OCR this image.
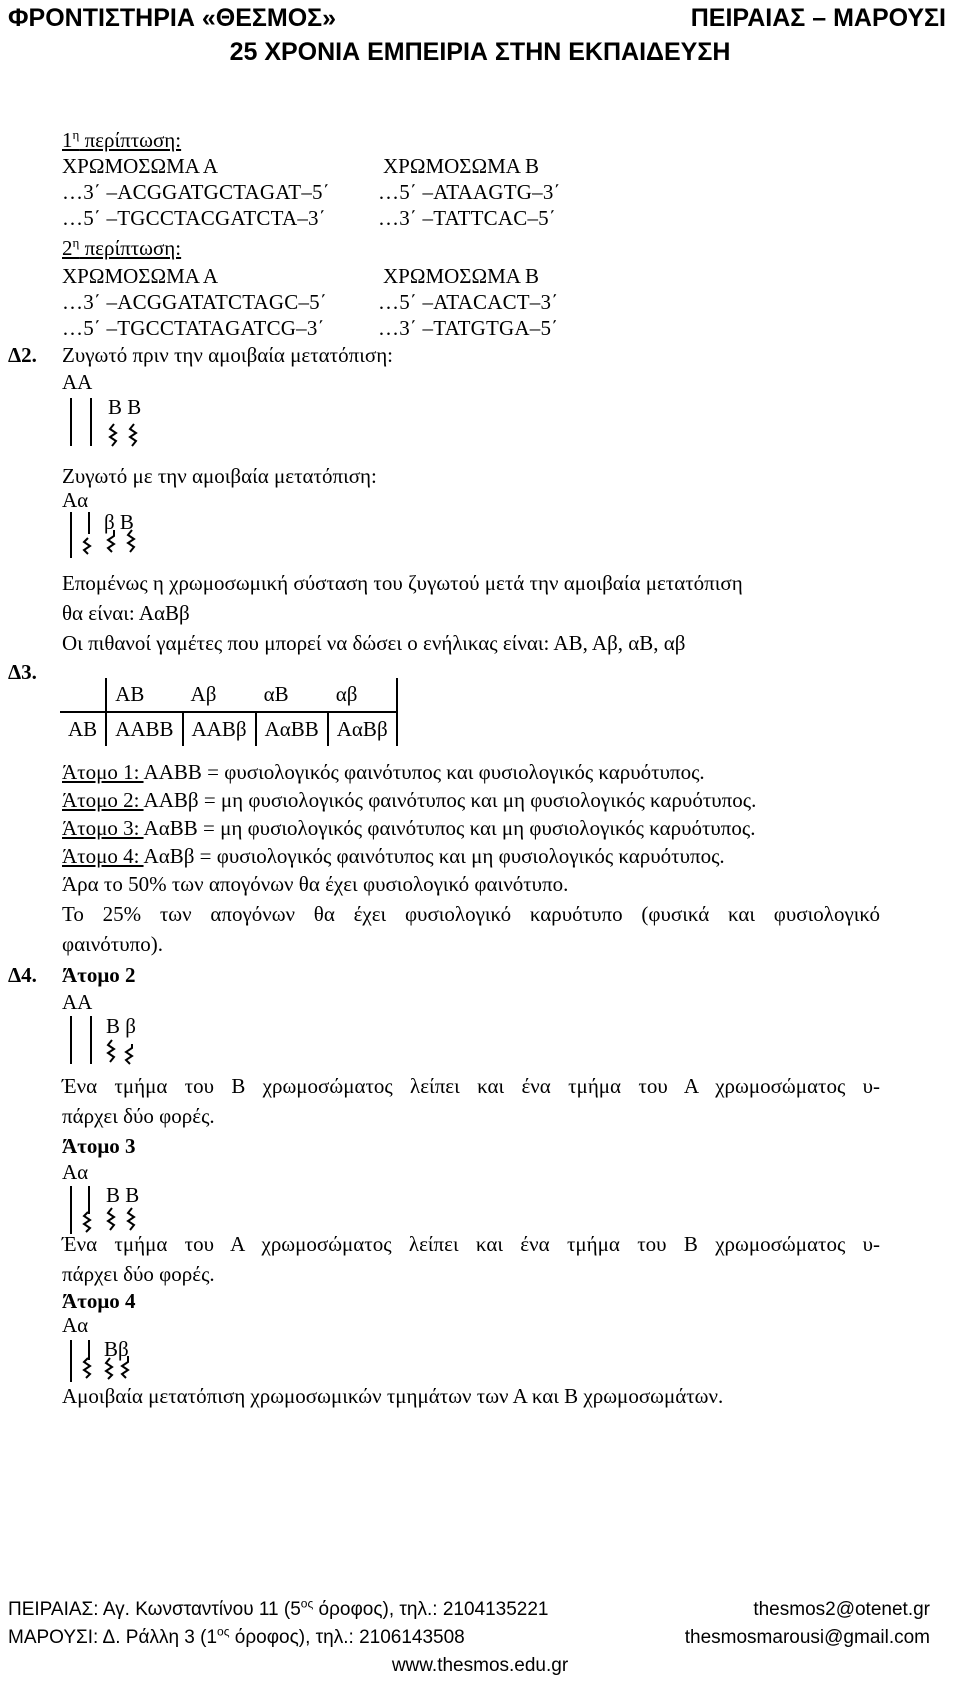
ΦΡΟΝΤΙΣΤΗΡΙΑ «ΘΕΣΜΟΣ»	ΠΕΙΡΑΙΑΣ – ΜΑΡΟΥΣΙ
25 ΧΡΟΝΙΑ ΕΜΠΕΙΡΙΑ ΣΤΗΝ ΕΚΠΑΙΔΕΥΣΗ
$1^\eta$ περίπτωση:
ΧΡΩΜΟΣΩΜΑ Α	ΧΡΩΜΟΣΩΜΑ Β
…3΄ –ACGGATGCTAGAT–5΄ …5΄ –ATAAGTG–3΄
…5΄ –TGCCTACGATCTA–3΄ …3΄ –TATTCAC–5΄
$2^\eta$ περίπτωση:
ΧΡΩΜΟΣΩΜΑ Α	ΧΡΩΜΟΣΩΜΑ Β
…3΄ –ACGGATATCTAGC–5΄ …5΄ –ATACACT–3΄
…5΄ –TGCCTATAGATCG–3΄	…3΄ –TATGTGA–5΄
Δ2. Ζυγωτό πριν την αμοιβαία μετατόπιση:
ΑΑ
Β Β
Ζυγωτό με την αμοιβαία μετατόπιση:
Αα
β Β
Επομένως η χρωμοσωμική σύσταση του ζυγωτού μετά την αμοιβαία μετατόπιση
θα είναι: ΑαΒβ
Οι πιθανοί γαμέτες που μπορεί να δώσει ο ενήλικας είναι: ΑΒ, Αβ, αΒ, αβ
Δ3.
	ΑΒ	Αβ	αΒ	αβ
ΑΒ	ΑΑΒΒ	ΑΑΒβ	ΑαΒΒ	ΑαΒβ
Άτομο 1: ΑΑΒΒ = φυσιολογικός φαινότυπος και φυσιολογικός καρυότυπος.
Άτομο 2: ΑΑΒβ = μη φυσιολογικός φαινότυπος και μη φυσιολογικός καρυότυπος.
Άτομο 3: ΑαΒΒ = μη φυσιολογικός φαινότυπος και μη φυσιολογικός καρυότυπος.
Άτομο 4: ΑαΒβ = φυσιολογικός φαινότυπος και μη φυσιολογικός καρυότυπος.
Άρα το 50% των απογόνων θα έχει φυσιολογικό φαινότυπο.
Το 25% των απογόνων θα έχει φυσιολογικό καρυότυπο (φυσικά και φυσιολογικό
φαινότυπο).
Δ4. Άτομο 2
ΑΑ
Β β
Ένα τμήμα του Β χρωμοσώματος λείπει και ένα τμήμα του Α χρωμοσώματος υ-
πάρχει δύο φορές.
Άτομο 3
Αα
Β Β
Ένα τμήμα του Α χρωμοσώματος λείπει και ένα τμήμα του Β χρωμοσώματος υ-
πάρχει δύο φορές.
Άτομο 4
Αα
Ββ
Αμοιβαία μετατόπιση χρωμοσωμικών τμημάτων των Α και Β χρωμοσωμάτων.
ΠΕΙΡΑΙΑΣ: Αγ. Κωνσταντίνου 11 ($5^{o\varsigma}$ όροφος), τηλ.: 2104135221	thesmos2@otenet.gr
ΜΑΡΟΥΣΙ: Δ. Ράλλη 3 ($1^{o\varsigma}$ όροφος), τηλ.: 2106143508	thesmosmarousi@gmail.com
www.thesmos.edu.gr
